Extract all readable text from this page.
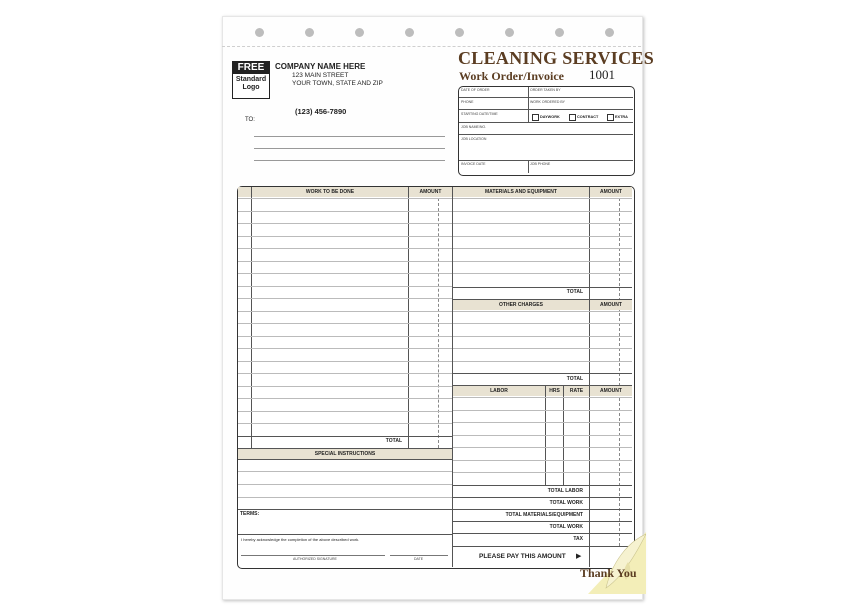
FREE
Standard
Logo
COMPANY NAME HERE
123 MAIN STREET
YOUR TOWN, STATE AND ZIP
(123) 456-7890
TO:
CLEANING SERVICES
Work Order/Invoice 1001
DATE OF ORDER	ORDER TAKEN BY
PHONE	WORK ORDERED BY
STARTING DATE/TIME
DAYWORK	CONTRACT	EXTRA
JOB NAME/NO.
JOB LOCATION
INVOICE DATE	JOB PHONE
WORK TO BE DONE	AMOUNT
TOTAL
SPECIAL INSTRUCTIONS
TERMS:
I hereby acknowledge the completion of the above described work.
AUTHORIZED SIGNATURE	DATE
MATERIALS AND EQUIPMENT	AMOUNT
TOTAL
OTHER CHARGES	AMOUNT
TOTAL
LABOR	HRS	RATE	AMOUNT
TOTAL LABOR
TOTAL WORK
TOTAL MATERIALS/EQUIPMENT
TOTAL WORK
TAX
PLEASE PAY THIS AMOUNT ▶
Thank You
